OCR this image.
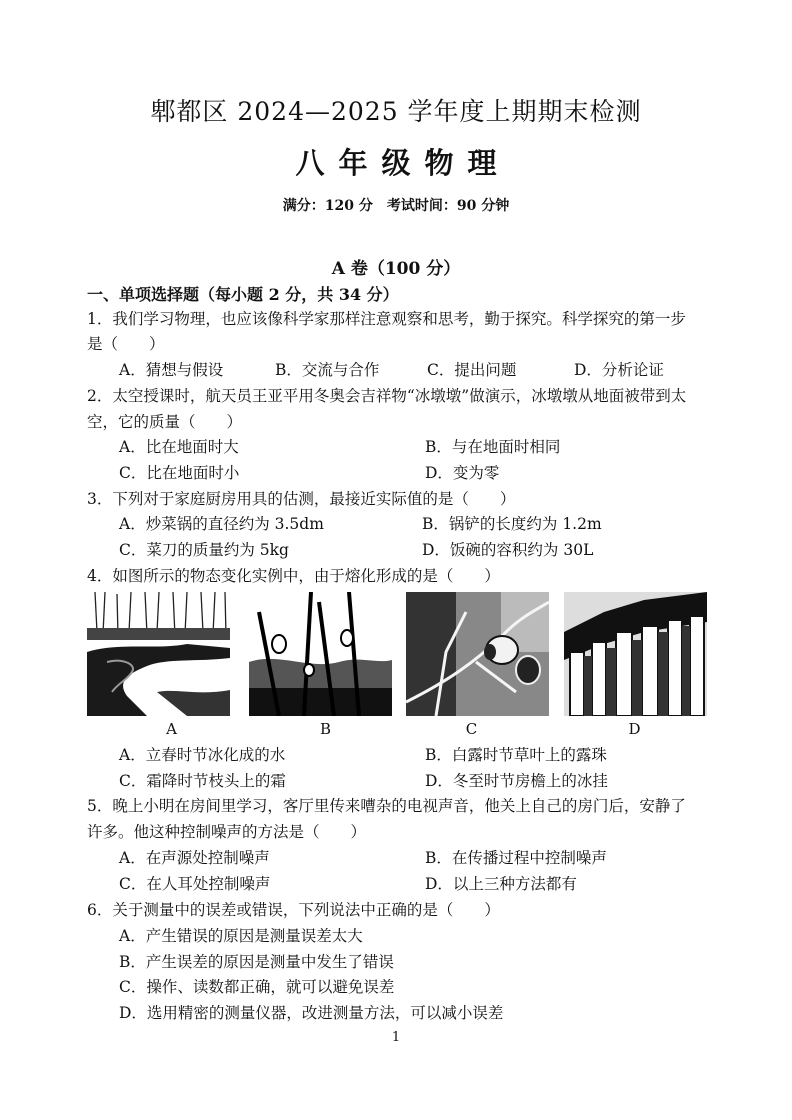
郫都区 2024—2025 学年度上期期末检测
八年级物理
满分：120 分 考试时间：90 分钟
A 卷（100 分）
一、单项选择题（每小题 2 分，共 34 分）
1．我们学习物理，也应该像科学家那样注意观察和思考，勤于探究。科学探究的第一步
是（　　）
A．猜想与假设	B．交流与合作	C．提出问题	D．分析论证
2．太空授课时，航天员王亚平用冬奥会吉祥物“冰墩墩”做演示，冰墩墩从地面被带到太
空，它的质量（　　）
A．比在地面时大	B．与在地面时相同
C．比在地面时小	D．变为零
3．下列对于家庭厨房用具的估测，最接近实际值的是（　　）
A．炒菜锅的直径约为 3.5dm	B．锅铲的长度约为 1.2m
C．菜刀的质量约为 5kg	D．饭碗的容积约为 30L
4．如图所示的物态变化实例中，由于熔化形成的是（　　）
A	B	C	D
A．立春时节冰化成的水	B．白露时节草叶上的露珠
C．霜降时节枝头上的霜	D．冬至时节房檐上的冰挂
5．晚上小明在房间里学习，客厅里传来嘈杂的电视声音，他关上自己的房门后，安静了
许多。他这种控制噪声的方法是（　　）
A．在声源处控制噪声	B．在传播过程中控制噪声
C．在人耳处控制噪声	D．以上三种方法都有
6．关于测量中的误差或错误，下列说法中正确的是（　　）
A．产生错误的原因是测量误差太大
B．产生误差的原因是测量中发生了错误
C．操作、读数都正确，就可以避免误差
D．选用精密的测量仪器，改进测量方法，可以减小误差
1
